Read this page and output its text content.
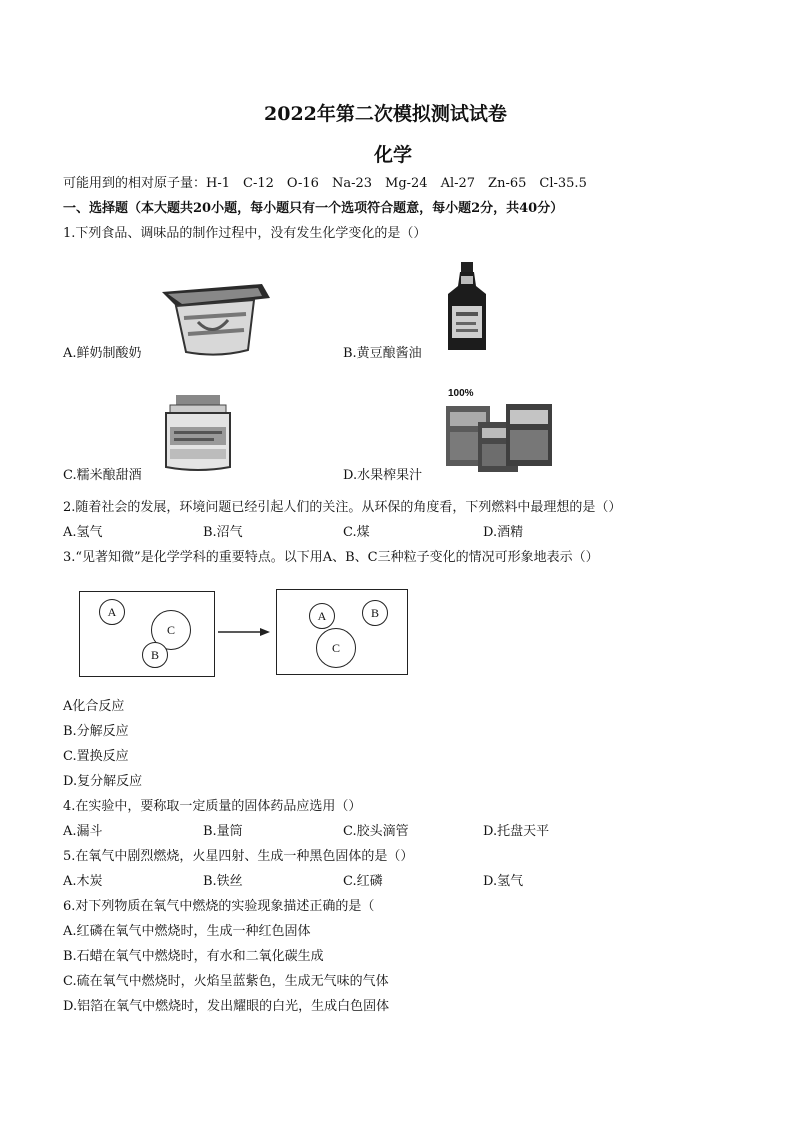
2022年第二次模拟测试试卷
化学
可能用到的相对原子量：H-1　C-12　O-16　Na-23　Mg-24　Al-27　Zn-65　Cl-35.5
一、选择题（本大题共20小题，每小题只有一个选项符合题意，每小题2分，共40分）
1.下列食品、调味品的制作过程中，没有发生化学变化的是（）
A.鲜奶制酸奶	B.黄豆酿酱油
100%
C.糯米酿甜酒	D.水果榨果汁
2.随着社会的发展，环境问题已经引起人们的关注。从环保的角度看，下列燃料中最理想的是（）
A.氢气	B.沼气	C.煤	D.酒精
3.“见著知微”是化学学科的重要特点。以下用A、B、C三种粒子变化的情况可形象地表示（）
A
C
B
A	B
C
A化合反应
B.分解反应
C.置换反应
D.复分解反应
4.在实验中，要称取一定质量的固体药品应选用（）
A.漏斗	B.量筒	C.胶头滴管	D.托盘天平
5.在氧气中剧烈燃烧，火星四射、生成一种黑色固体的是（）
A.木炭	B.铁丝	C.红磷	D.氢气
6.对下列物质在氧气中燃烧的实验现象描述正确的是（
A.红磷在氧气中燃烧时，生成一种红色固体
B.石蜡在氧气中燃烧时，有水和二氧化碳生成
C.硫在氧气中燃烧时，火焰呈蓝紫色，生成无气味的气体
D.铝箔在氧气中燃烧时，发出耀眼的白光，生成白色固体
